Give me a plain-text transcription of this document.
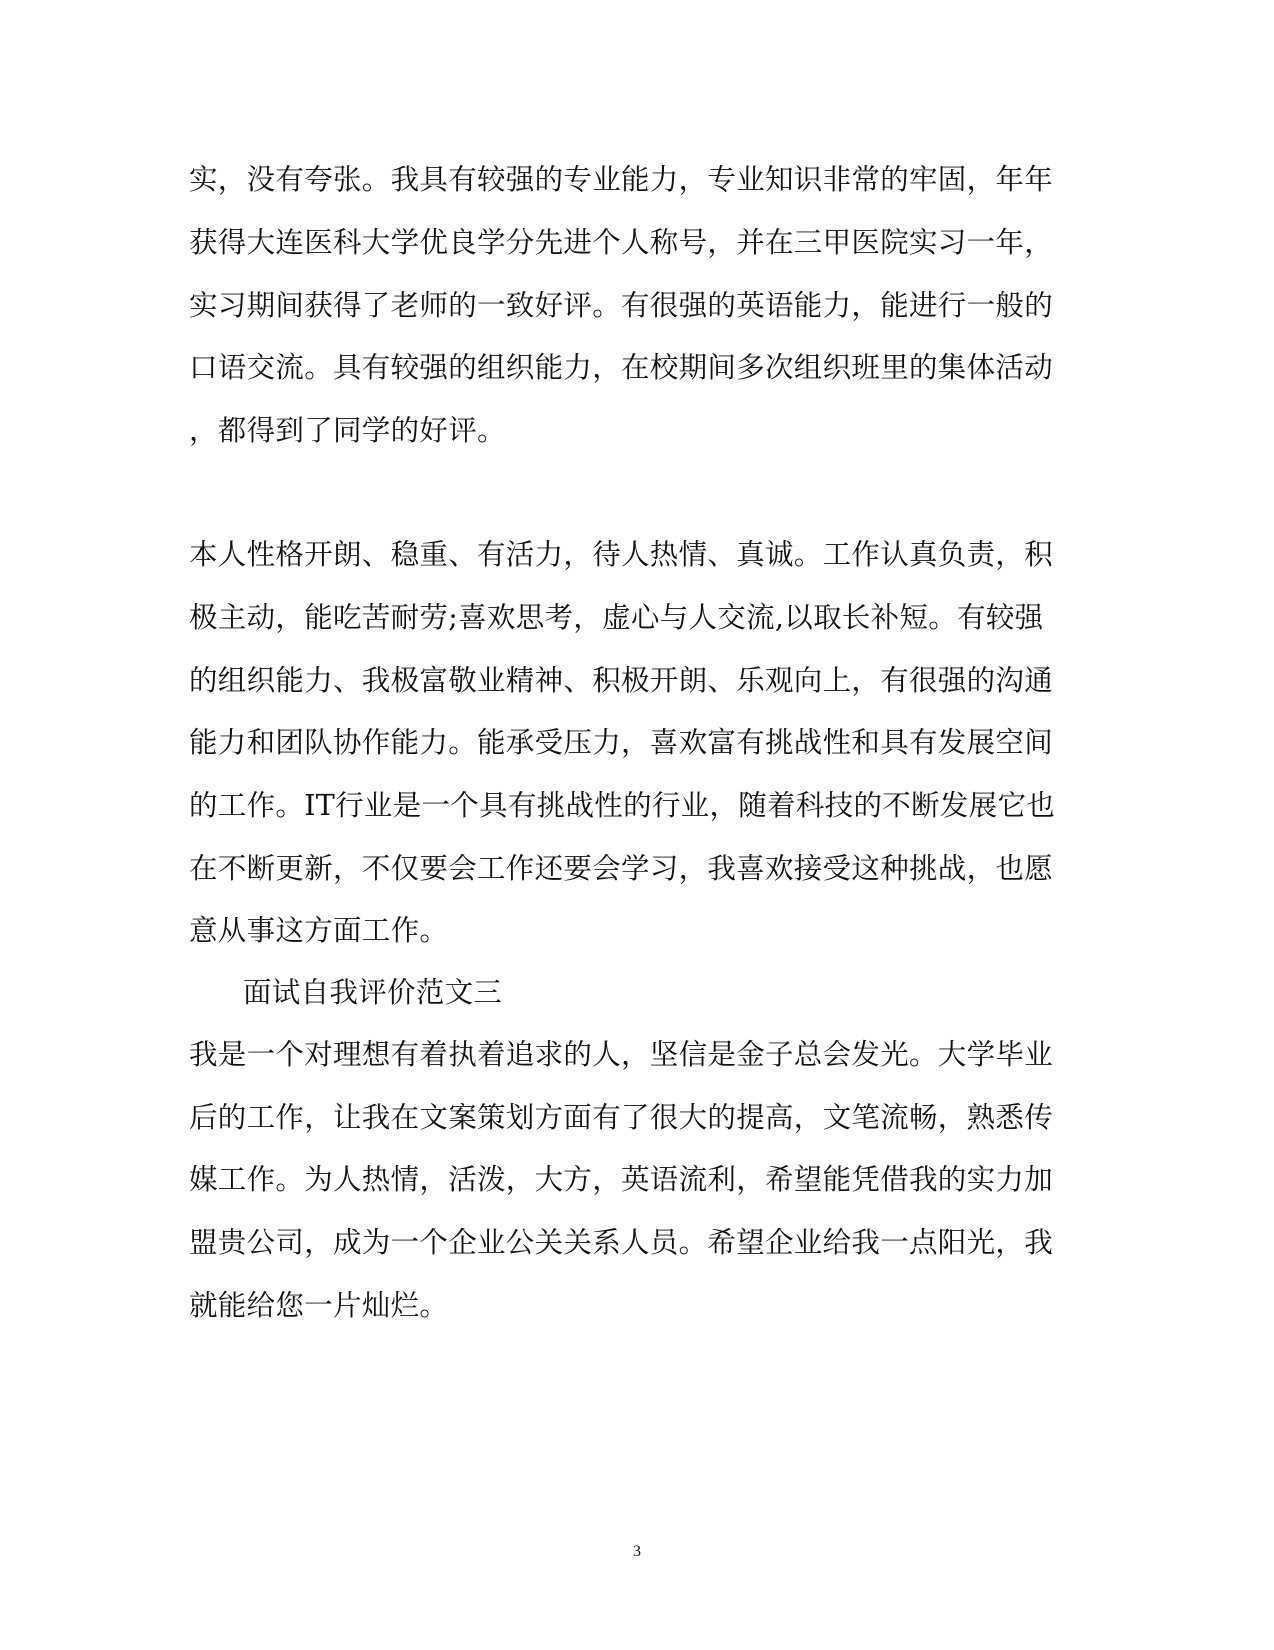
实，没有夸张。我具有较强的专业能力，专业知识非常的牢固，年年
获得大连医科大学优良学分先进个人称号，并在三甲医院实习一年，
实习期间获得了老师的一致好评。有很强的英语能力，能进行一般的
口语交流。具有较强的组织能力，在校期间多次组织班里的集体活动
，都得到了同学的好评。
本人性格开朗、稳重、有活力，待人热情、真诚。工作认真负责，积
极主动，能吃苦耐劳;喜欢思考，虚心与人交流,以取长补短。有较强
的组织能力、我极富敬业精神、积极开朗、乐观向上，有很强的沟通
能力和团队协作能力。能承受压力，喜欢富有挑战性和具有发展空间
的工作。IT行业是一个具有挑战性的行业，随着科技的不断发展它也
在不断更新，不仅要会工作还要会学习，我喜欢接受这种挑战，也愿
意从事这方面工作。
面试自我评价范文三
我是一个对理想有着执着追求的人，坚信是金子总会发光。大学毕业
后的工作，让我在文案策划方面有了很大的提高，文笔流畅，熟悉传
媒工作。为人热情，活泼，大方，英语流利，希望能凭借我的实力加
盟贵公司，成为一个企业公关关系人员。希望企业给我一点阳光，我
就能给您一片灿烂。
3
